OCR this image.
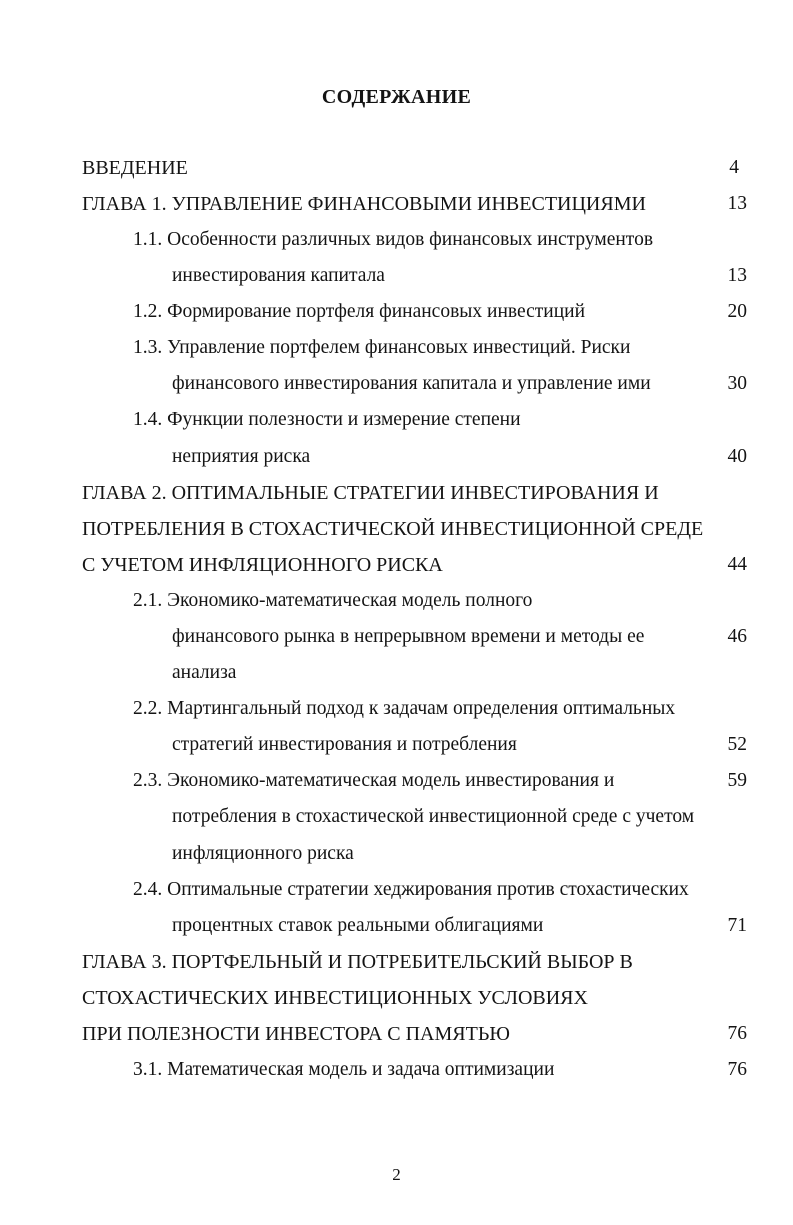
СОДЕРЖАНИЕ
ВВЕДЕНИЕ	4
ГЛАВА 1. УПРАВЛЕНИЕ ФИНАНСОВЫМИ ИНВЕСТИЦИЯМИ	13
1.1. Особенности различных видов финансовых инструментов
инвестирования капитала	13
1.2. Формирование портфеля финансовых инвестиций	20
1.3. Управление портфелем финансовых инвестиций. Риски
финансового инвестирования капитала и управление ими	30
1.4. Функции полезности и измерение степени
неприятия риска	40
ГЛАВА 2. ОПТИМАЛЬНЫЕ СТРАТЕГИИ ИНВЕСТИРОВАНИЯ И
ПОТРЕБЛЕНИЯ В СТОХАСТИЧЕСКОЙ ИНВЕСТИЦИОННОЙ СРЕДЕ
С УЧЕТОМ ИНФЛЯЦИОННОГО РИСКА	44
2.1. Экономико-математическая модель полного
финансового рынка в непрерывном времени и методы ее	46
анализа
2.2. Мартингальный подход к задачам определения оптимальных
стратегий инвестирования и потребления	52
2.3. Экономико-математическая модель инвестирования и	59
потребления в стохастической инвестиционной среде с учетом
инфляционного риска
2.4. Оптимальные стратегии хеджирования против стохастических
процентных ставок реальными облигациями	71
ГЛАВА 3. ПОРТФЕЛЬНЫЙ И ПОТРЕБИТЕЛЬСКИЙ ВЫБОР В
СТОХАСТИЧЕСКИХ ИНВЕСТИЦИОННЫХ УСЛОВИЯХ
ПРИ ПОЛЕЗНОСТИ ИНВЕСТОРА С ПАМЯТЬЮ	76
3.1. Математическая модель и задача оптимизации	76
2
